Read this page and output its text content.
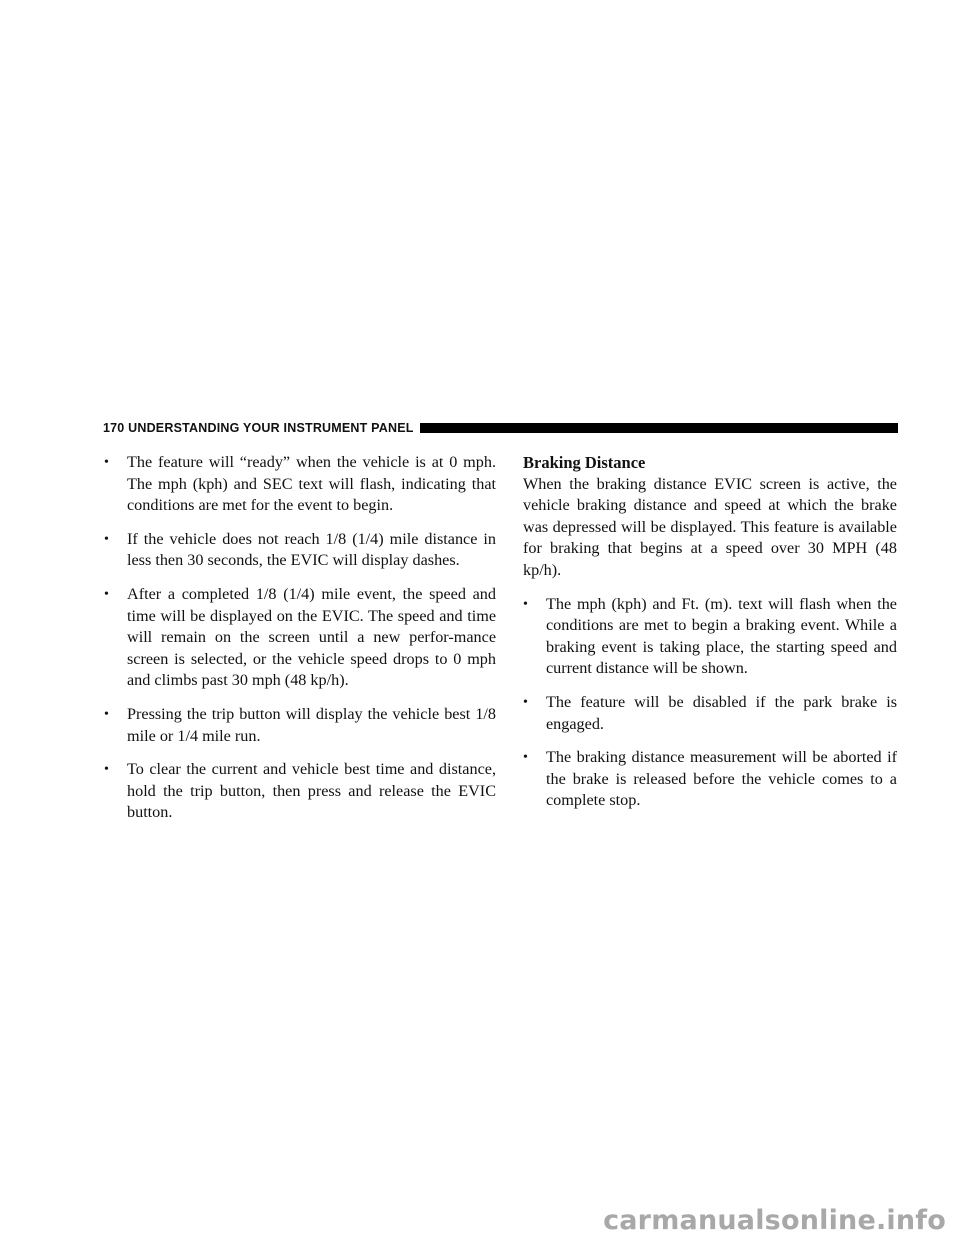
170 UNDERSTANDING YOUR INSTRUMENT PANEL
• The feature will “ready” when the vehicle is at 0 mph. The mph (kph) and SEC text will flash, indicating that conditions are met for the event to begin.
• If the vehicle does not reach 1/8 (1/4) mile distance in less then 30 seconds, the EVIC will display dashes.
• After a completed 1/8 (1/4) mile event, the speed and time will be displayed on the EVIC. The speed and time will remain on the screen until a new perfor-mance screen is selected, or the vehicle speed drops to 0 mph and climbs past 30 mph (48 kp/h).
• Pressing the trip button will display the vehicle best 1/8 mile or 1/4 mile run.
• To clear the current and vehicle best time and distance, hold the trip button, then press and release the EVIC button.

Braking Distance

When the braking distance EVIC screen is active, the vehicle braking distance and speed at which the brake was depressed will be displayed. This feature is available for braking that begins at a speed over 30 MPH (48 kp/h).

• The mph (kph) and Ft. (m). text will flash when the conditions are met to begin a braking event. While a braking event is taking place, the starting speed and current distance will be shown.
• The feature will be disabled if the park brake is engaged.
• The braking distance measurement will be aborted if the brake is released before the vehicle comes to a complete stop.
carmanualsonline.info
